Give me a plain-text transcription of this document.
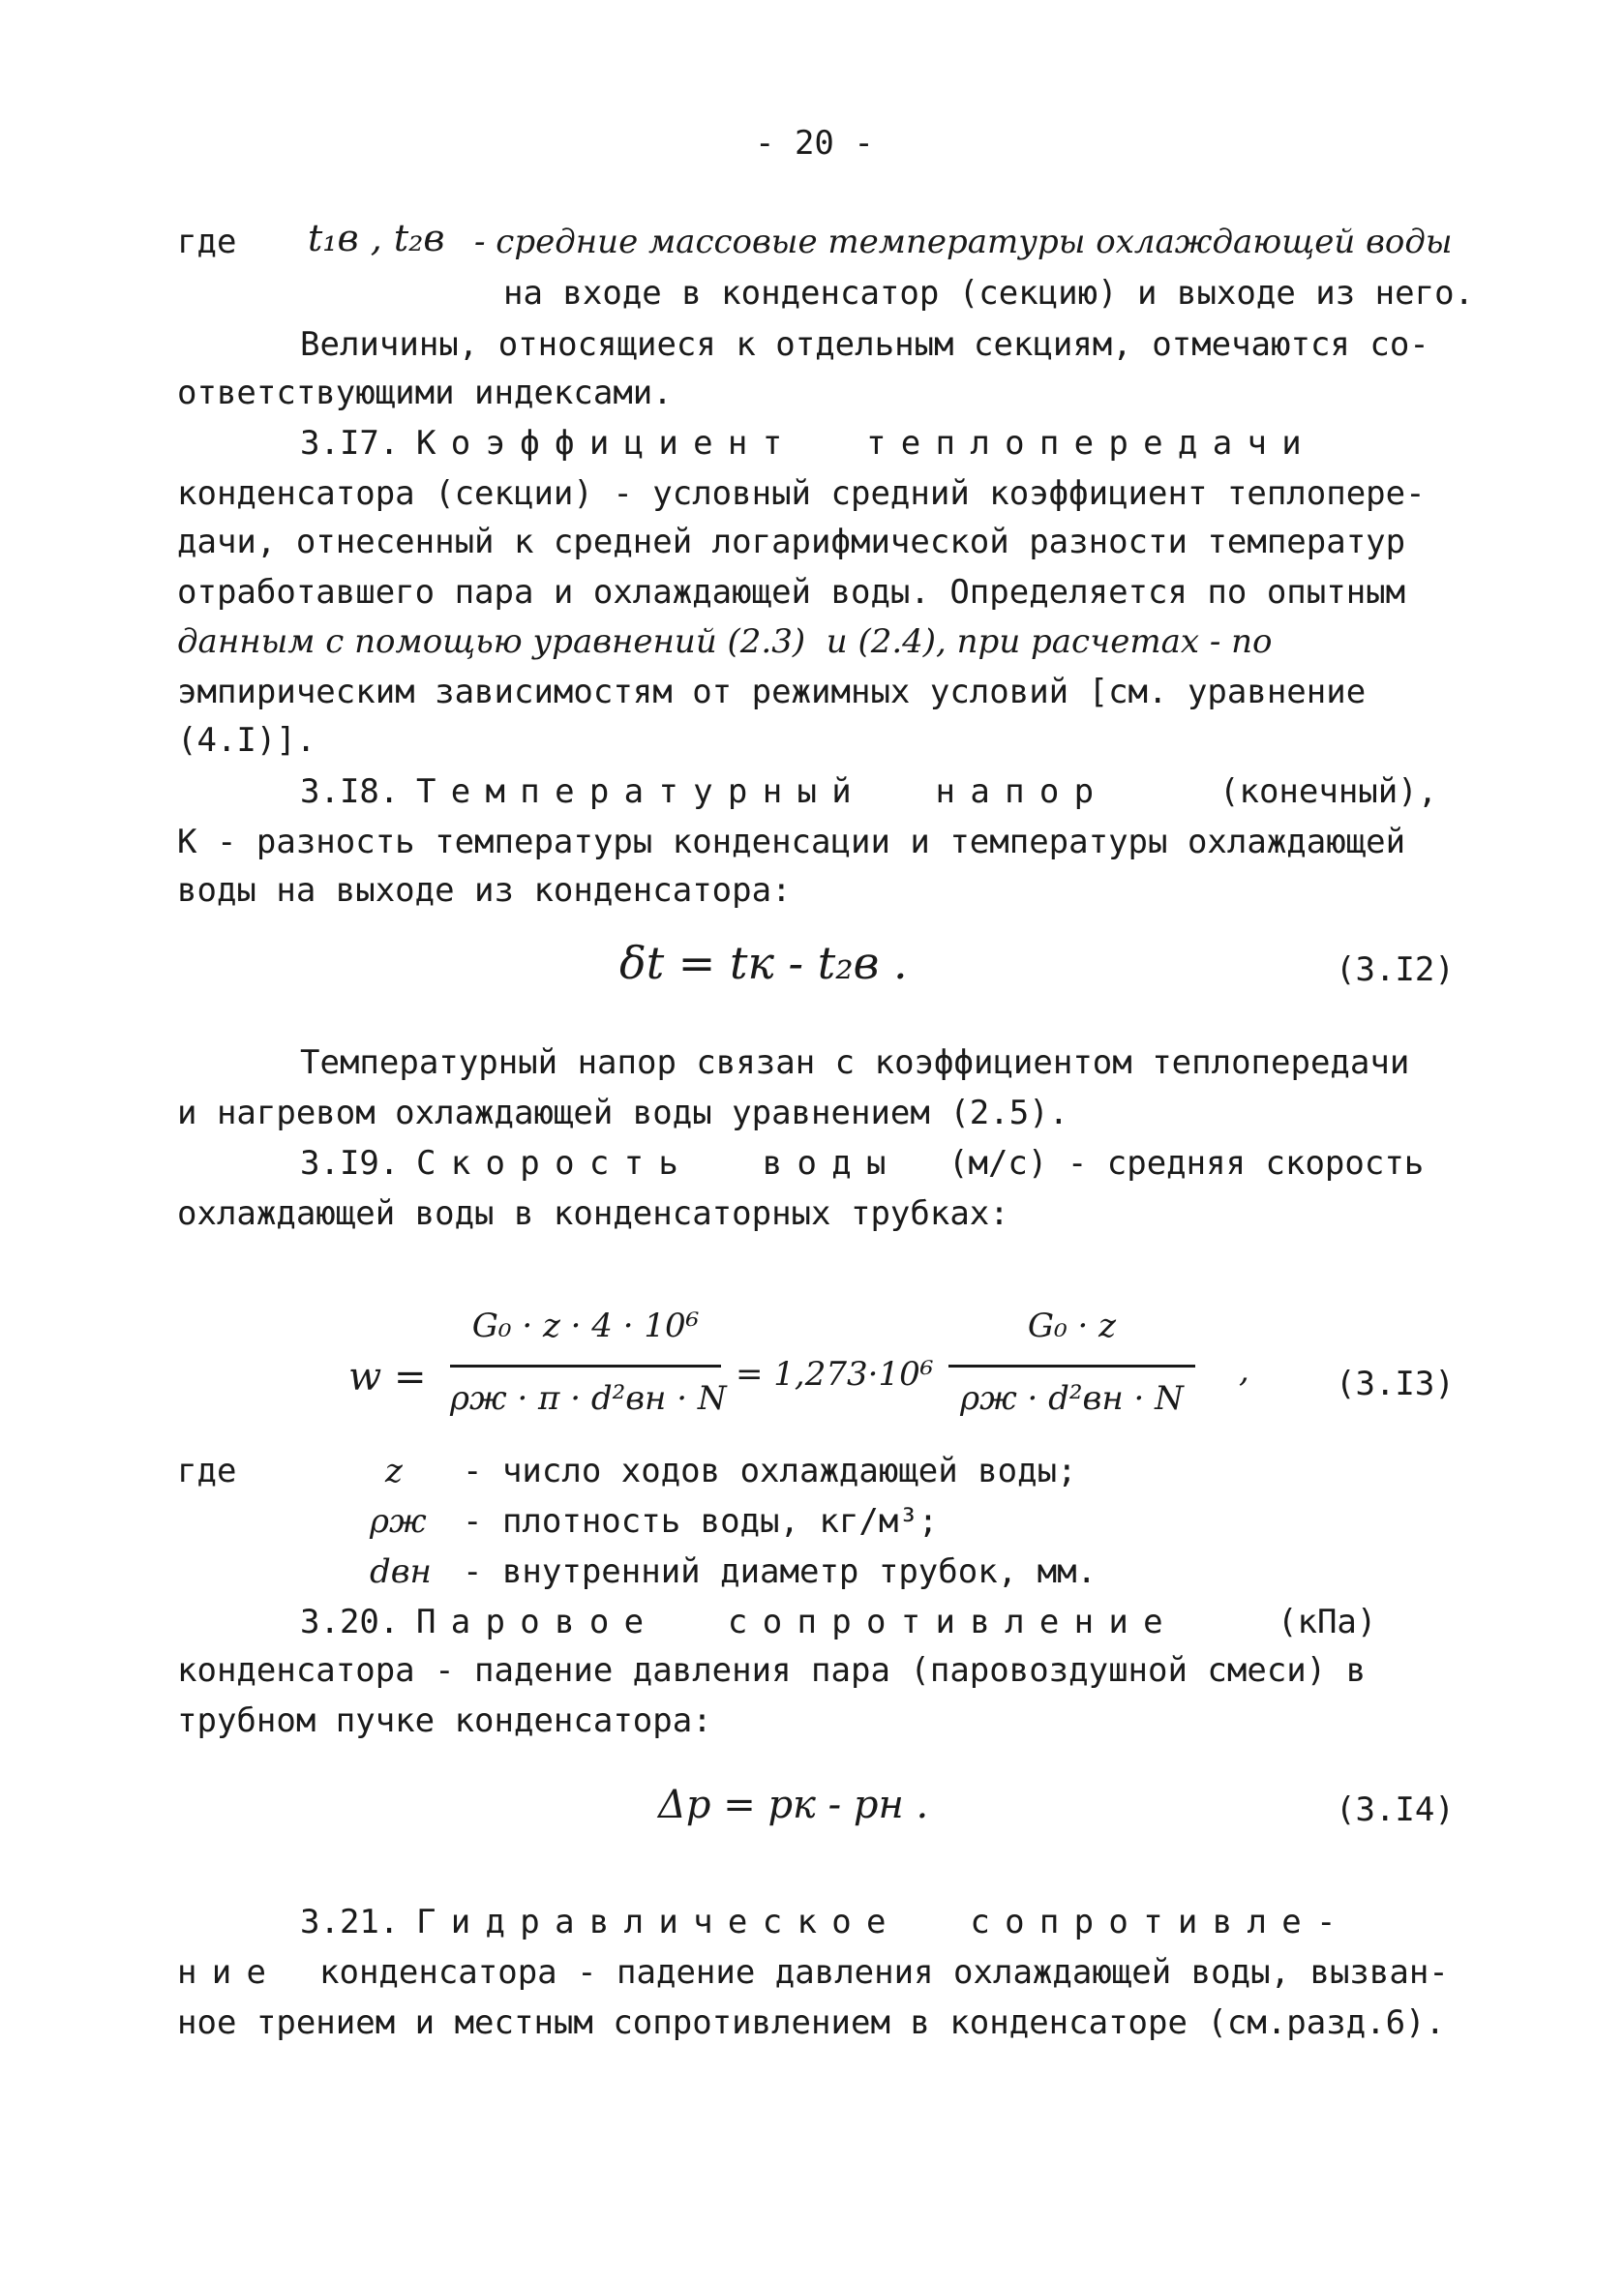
- 20 -
где t₁в , t₂в - средние массовые температуры охлаждающей воды
на входе в конденсатор (секцию) и выходе из него.
Величины, относящиеся к отдельным секциям, отмечаются со-
ответствующими индексами.
3.I7. Коэффициент  теплопередачи
конденсатора (секции) - условный средний коэффициент теплопере-
дачи, отнесенный к средней логарифмической разности температур
отработавшего пара и охлаждающей воды. Определяется по опытным
данным с помощью уравнений (2.3)  и (2.4), при расчетах - по
эмпирическим зависимостям от режимных условий [см. уравнение
(4.I)].
3.I8. Температурный  напор	(конечный),
К - разность температуры конденсации и температуры охлаждающей
воды на выходе из конденсатора:
δt = tк - t₂в .	(3.I2)
Температурный напор связан с коэффициентом теплопередачи
и нагревом охлаждающей воды уравнением (2.5).
3.I9. Скорость  воды (м/с) - средняя скорость
охлаждающей воды в конденсаторных трубках:
w =
G₀ · z · 4 · 10⁶
ρж · π · d²вн · N
= 1,273·10⁶
G₀ · z
ρж · d²вн · N
,	(3.I3)
где	z - число ходов охлаждающей воды;
ρж - плотность воды, кг/м³;
dвн - внутренний диаметр трубок, мм.
3.20. Паровое  сопротивление	(кПа)
конденсатора - падение давления пара (паровоздушной смеси) в
трубном пучке конденсатора:
Δp = pк - pн .	(3.I4)
3.21. Гидравлическое  сопротивле-
ние конденсатора - падение давления охлаждающей воды, вызван-
ное трением и местным сопротивлением в конденсаторе (см.разд.6).
